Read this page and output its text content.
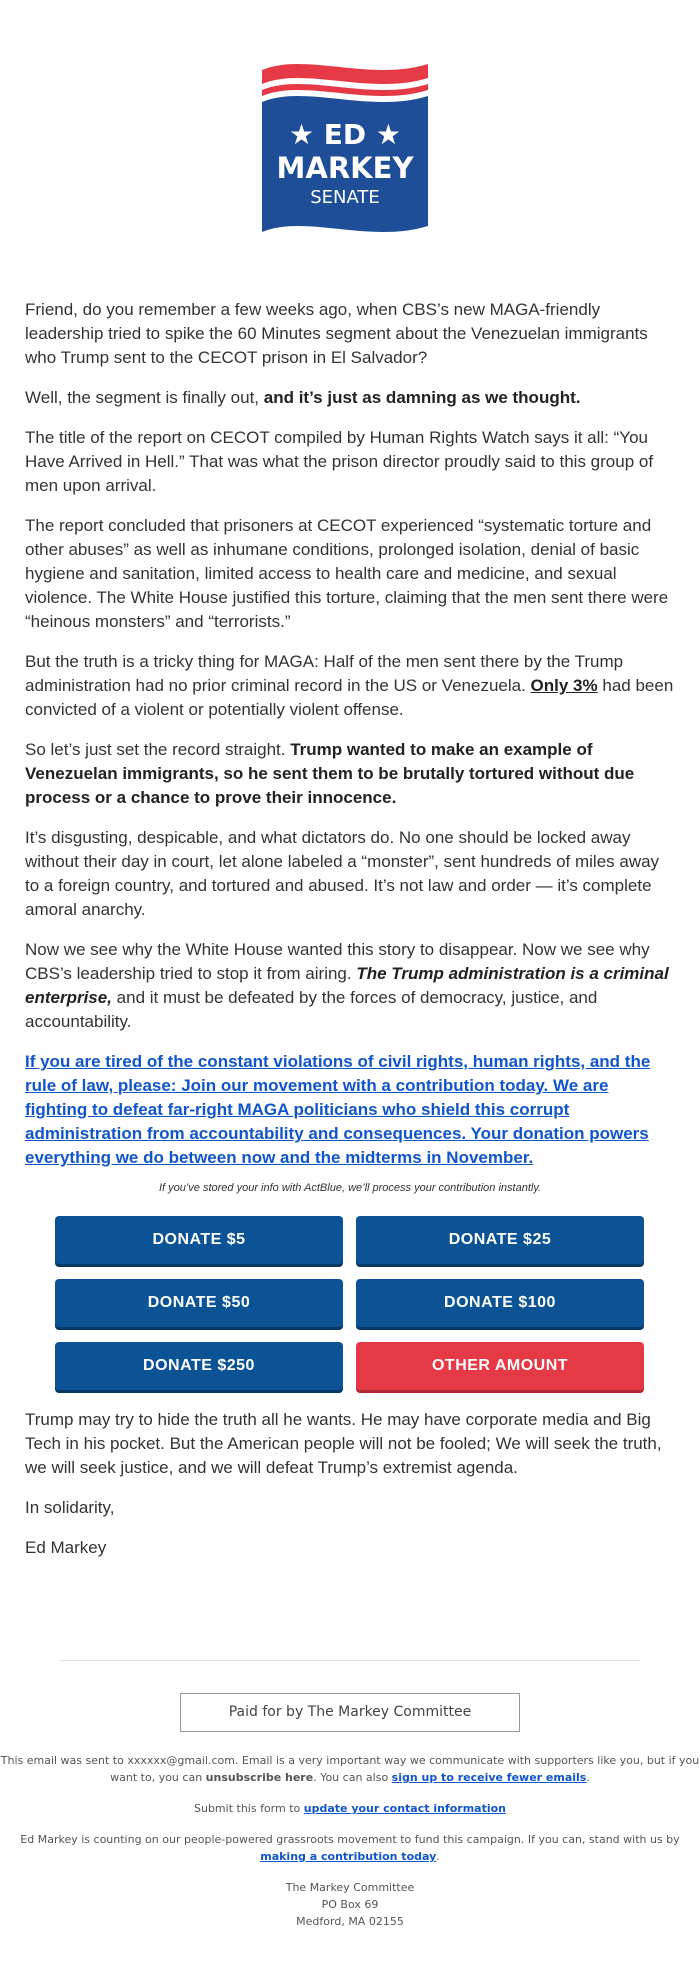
★ ED ★
MARKEY
SENATE

Friend, do you remember a few weeks ago, when CBS’s new MAGA-friendly leadership tried to spike the 60 Minutes segment about the Venezuelan immigrants who Trump sent to the CECOT prison in El Salvador?

Well, the segment is finally out, and it’s just as damning as we thought.

The title of the report on CECOT compiled by Human Rights Watch says it all: “You Have Arrived in Hell.” That was what the prison director proudly said to this group of men upon arrival.

The report concluded that prisoners at CECOT experienced “systematic torture and other abuses” as well as inhumane conditions, prolonged isolation, denial of basic hygiene and sanitation, limited access to health care and medicine, and sexual violence. The White House justified this torture, claiming that the men sent there were “heinous monsters” and “terrorists.”

But the truth is a tricky thing for MAGA: Half of the men sent there by the Trump administration had no prior criminal record in the US or Venezuela. Only 3% had been convicted of a violent or potentially violent offense.

So let’s just set the record straight. Trump wanted to make an example of Venezuelan immigrants, so he sent them to be brutally tortured without due process or a chance to prove their innocence.

It’s disgusting, despicable, and what dictators do. No one should be locked away without their day in court, let alone labeled a “monster”, sent hundreds of miles away to a foreign country, and tortured and abused. It’s not law and order — it’s complete amoral anarchy.

Now we see why the White House wanted this story to disappear. Now we see why CBS’s leadership tried to stop it from airing. The Trump administration is a criminal enterprise, and it must be defeated by the forces of democracy, justice, and accountability.

If you are tired of the constant violations of civil rights, human rights, and the rule of law, please: Join our movement with a contribution today. We are fighting to defeat far-right MAGA politicians who shield this corrupt administration from accountability and consequences. Your donation powers everything we do between now and the midterms in November.
If you’ve stored your info with ActBlue, we’ll process your contribution instantly.
DONATE $5	DONATE $25
DONATE $50	DONATE $100
DONATE $250	OTHER AMOUNT

Trump may try to hide the truth all he wants. He may have corporate media and Big Tech in his pocket. But the American people will not be fooled; We will seek the truth, we will seek justice, and we will defeat Trump’s extremist agenda.

In solidarity,

Ed Markey

Paid for by The Markey Committee

This email was sent to xxxxxx@gmail.com. Email is a very important way we communicate with supporters like you, but if you want to, you can unsubscribe here. You can also sign up to receive fewer emails.

Submit this form to update your contact information

Ed Markey is counting on our people-powered grassroots movement to fund this campaign. If you can, stand with us by making a contribution today.

The Markey Committee
PO Box 69
Medford, MA 02155
